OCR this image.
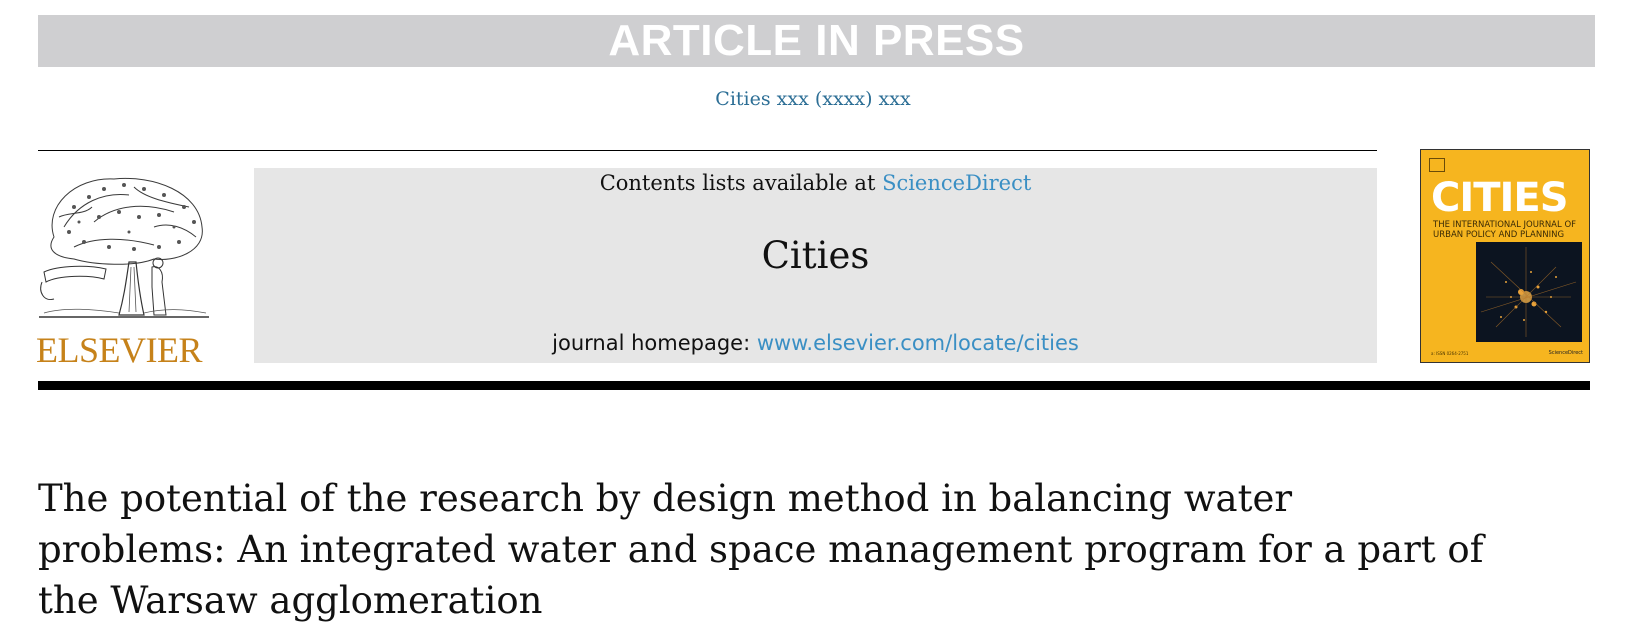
ARTICLE IN PRESS
Cities xxx (xxxx) xxx
ELSEVIER
Contents lists available at ScienceDirect
Cities
journal homepage: www.elsevier.com/locate/cities
CITIES
THE INTERNATIONAL JOURNAL OF URBAN POLICY AND PLANNING
a: ISSN 0264-2751	ScienceDirect
The potential of the research by design method in balancing water
problems: An integrated water and space management program for a part of
the Warsaw agglomeration
